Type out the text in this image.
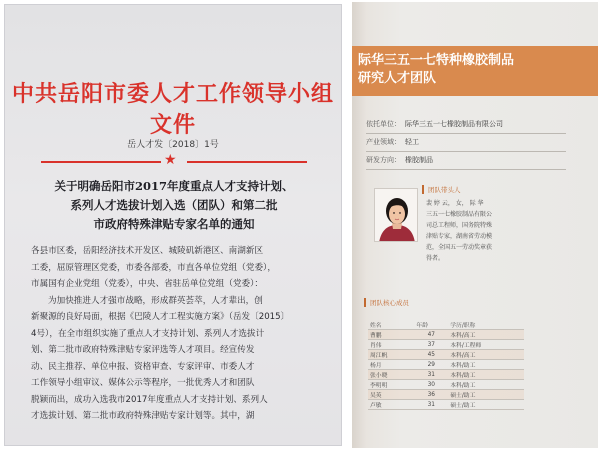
中共岳阳市委人才工作领导小组文件
岳人才发〔2018〕1号
★
关于明确岳阳市2017年度重点人才支持计划、
系列人才选拔计划入选（团队）和第二批
市政府特殊津贴专家名单的通知

各县市区委，岳阳经济技术开发区、城陵矶新港区、南湖新区

工委，屈原管理区党委，市委各部委，市直各单位党组（党委），

市属国有企业党组（党委），中央、省驻岳单位党组（党委）：

为加快推进人才强市战略，形成群英荟萃，人才辈出，创

新聚源的良好局面，根据《巴陵人才工程实施方案》（岳发〔2015〕

4号），在全市组织实施了重点人才支持计划、系列人才选拔计

划、第二批市政府特殊津贴专家评选等人才项目。经宣传发

动、民主推荐、单位申报、资格审查、专家评审、市委人才

工作领导小组审议、媒体公示等程序，一批优秀人才和团队

脱颖而出，成功入选我市2017年度重点人才支持计划、系列人

才选拔计划、第二批市政府特殊津贴专家计划等。其中，湖

际华三五一七特种橡胶制品
研究人才团队
依托单位： 际华三五一七橡胶制品有限公司
产业领域： 轻工
研发方向： 橡胶制品
团队带头人
裴 婷 云， 女， 际 华
三五一七橡胶制品有限公
司总工程师，国务院特殊
津贴专家，湖南省劳动模
范，全国五一劳动奖章获
得者。
团队核心成员
姓名	年龄	学历/职称
曹鹏	47	本科/高工
肖伟	37	本科/工程师
周江帆	45	本科/高工
杨月	29	本科/助工
张小晓	31	本科/助工
李明明	30	本科/助工
吴英	36	硕士/助工
卢敏	31	硕士/助工
